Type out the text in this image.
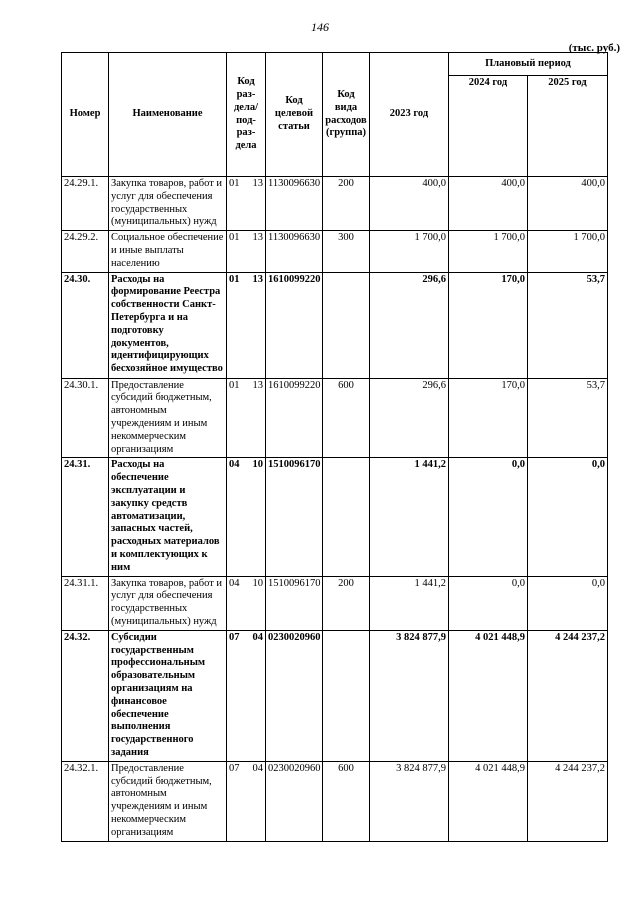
146
(тыс. руб.)
Номер	Наименование	Код раз-дела/ под-раз-дела	Код целевой статьи	Код вида расходов (группа)	2023 год	Плановый период	
						2024 год	2025 год
24.29.1.	Закупка товаров, работ и услуг для обеспечения государственных (муниципальных) нужд	01 13	1130096630	200	400,0	400,0	400,0
24.29.2.	Социальное обеспечение и иные выплаты населению	01 13	1130096630	300	1 700,0	1 700,0	1 700,0
24.30.	Расходы на формирование Реестра собственности Санкт-Петербурга и на подготовку документов, идентифицирующих бесхозяйное имущество	01 13	1610099220		296,6	170,0	53,7
24.30.1.	Предоставление субсидий бюджетным, автономным учреждениям и иным некоммерческим организациям	01 13	1610099220	600	296,6	170,0	53,7
24.31.	Расходы на обеспечение эксплуатации и закупку средств автоматизации, запасных частей, расходных материалов и комплектующих к ним	04 10	1510096170		1 441,2	0,0	0,0
24.31.1.	Закупка товаров, работ и услуг для обеспечения государственных (муниципальных) нужд	04 10	1510096170	200	1 441,2	0,0	0,0
24.32.	Субсидии государственным профессиональным образовательным организациям на финансовое обеспечение выполнения государственного задания	07 04	0230020960		3 824 877,9	4 021 448,9	4 244 237,2
24.32.1.	Предоставление субсидий бюджетным, автономным учреждениям и иным некоммерческим организациям	07 04	0230020960	600	3 824 877,9	4 021 448,9	4 244 237,2
